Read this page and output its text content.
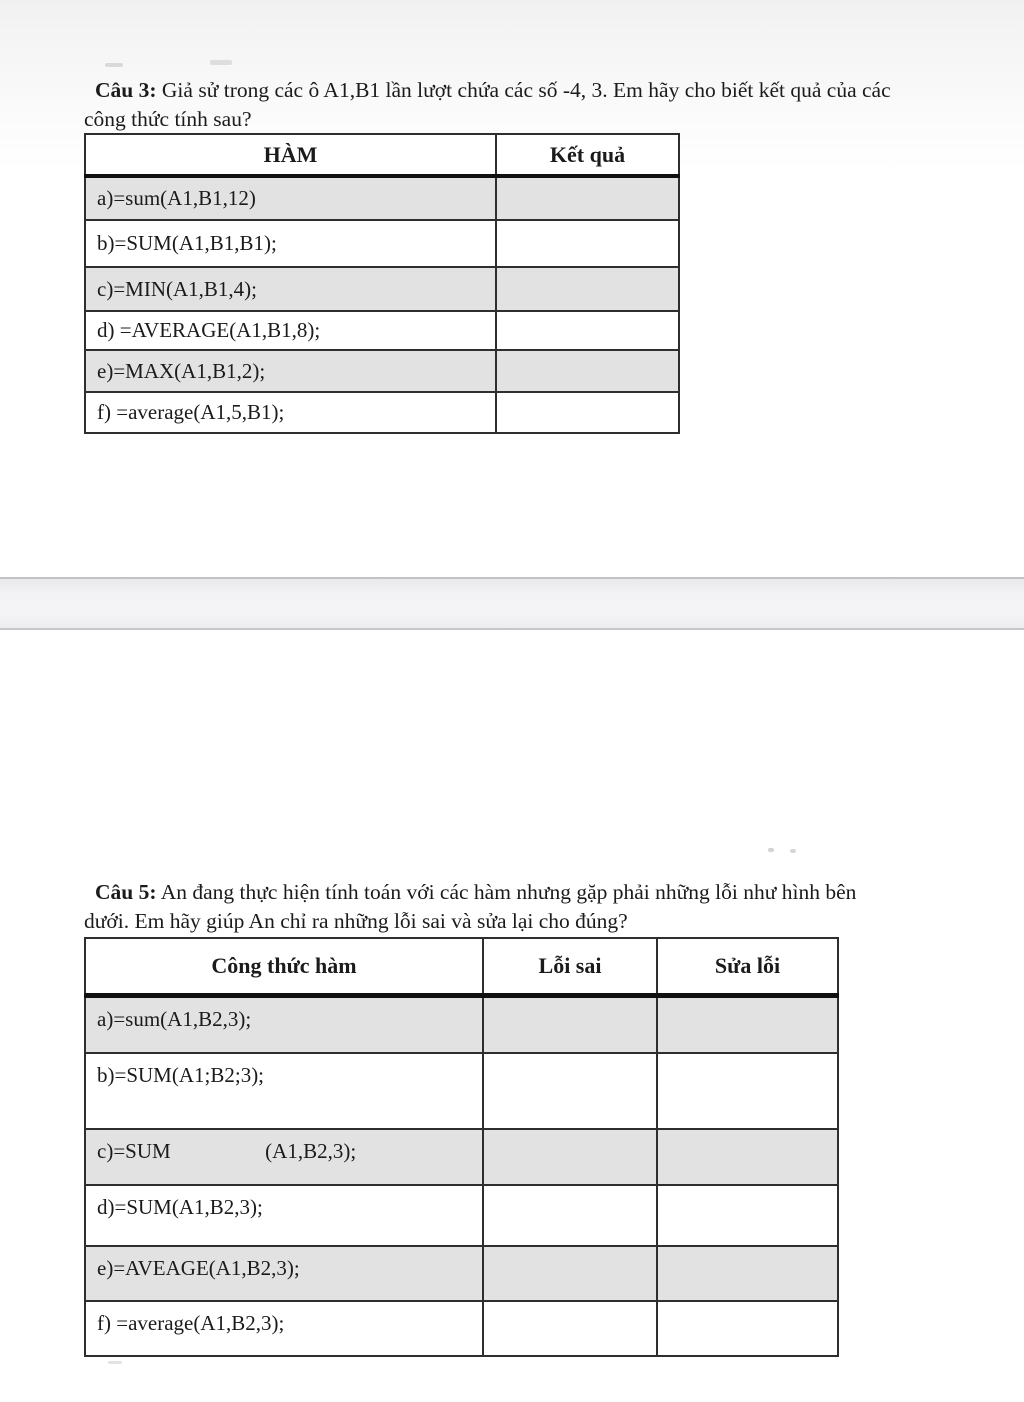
Câu 3: Giả sử trong các ô A1,B1 lần lượt chứa các số -4, 3. Em hãy cho biết kết quả của các
công thức tính sau?
HÀM	Kết quả
a)=sum(A1,B1,12)	
b)=SUM(A1,B1,B1);	
c)=MIN(A1,B1,4);	
d) =AVERAGE(A1,B1,8);	
e)=MAX(A1,B1,2);	
f) =average(A1,5,B1);	
Câu 5: An đang thực hiện tính toán với các hàm nhưng gặp phải những lỗi như hình bên
dưới. Em hãy giúp An chỉ ra những lỗi sai và sửa lại cho đúng?
Công thức hàm	Lỗi sai	Sửa lỗi
a)=sum(A1,B2,3);		
b)=SUM(A1;B2;3);		
c)=SUM                  (A1,B2,3);		
d)=SUM(A1,B2,3);		
e)=AVEAGE(A1,B2,3);		
f) =average(A1,B2,3);		
